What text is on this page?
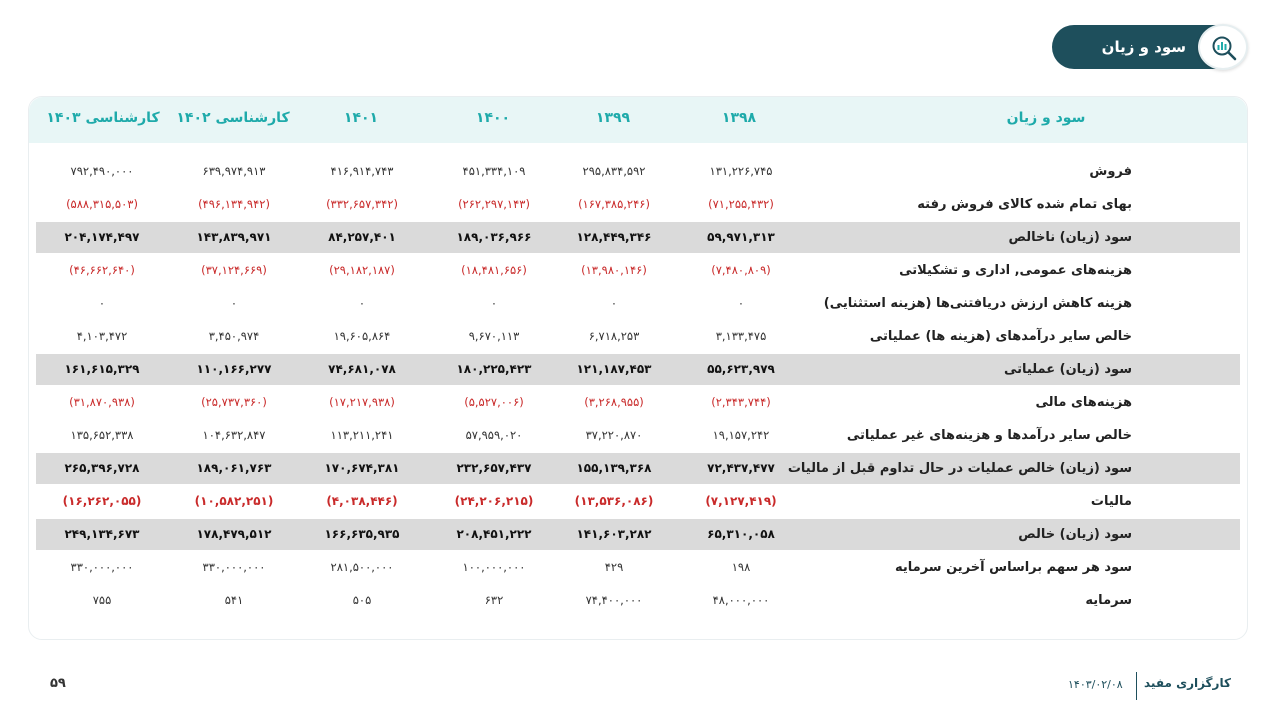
سود و زیان
سود و زیان
۱۳۹۸
۱۳۹۹
۱۴۰۰
۱۴۰۱
کارشناسی ۱۴۰۲
کارشناسی ۱۴۰۳
فروش
۱۳۱,۲۲۶,۷۴۵
۲۹۵,۸۳۴,۵۹۲
۴۵۱,۳۳۴,۱۰۹
۴۱۶,۹۱۴,۷۴۳
۶۳۹,۹۷۴,۹۱۳
۷۹۲,۴۹۰,۰۰۰
بهای تمام شده کالای فروش رفته
(۷۱,۲۵۵,۴۳۲)
(۱۶۷,۳۸۵,۲۴۶)
(۲۶۲,۲۹۷,۱۴۳)
(۳۳۲,۶۵۷,۳۴۲)
(۴۹۶,۱۳۴,۹۴۲)
(۵۸۸,۳۱۵,۵۰۳)
سود (زیان) ناخالص
۵۹,۹۷۱,۳۱۳
۱۲۸,۴۴۹,۳۴۶
۱۸۹,۰۳۶,۹۶۶
۸۴,۲۵۷,۴۰۱
۱۴۳,۸۳۹,۹۷۱
۲۰۴,۱۷۴,۴۹۷
هزینه‌های عمومی, اداری و تشکیلاتی
(۷,۴۸۰,۸۰۹)
(۱۳,۹۸۰,۱۴۶)
(۱۸,۴۸۱,۶۵۶)
(۲۹,۱۸۲,۱۸۷)
(۳۷,۱۲۴,۶۶۹)
(۴۶,۶۶۲,۶۴۰)
هزینه کاهش ارزش دریافتنی‌ها (هزینه استثنایی)
۰
۰
۰
۰
۰
۰
خالص سایر درآمدهای (هزینه ها) عملیاتی
۳,۱۳۳,۴۷۵
۶,۷۱۸,۲۵۳
۹,۶۷۰,۱۱۳
۱۹,۶۰۵,۸۶۴
۳,۴۵۰,۹۷۴
۴,۱۰۳,۴۷۲
سود (زیان) عملیاتی
۵۵,۶۲۳,۹۷۹
۱۲۱,۱۸۷,۴۵۳
۱۸۰,۲۲۵,۴۲۳
۷۴,۶۸۱,۰۷۸
۱۱۰,۱۶۶,۲۷۷
۱۶۱,۶۱۵,۳۲۹
هزینه‌های مالی
(۲,۳۴۳,۷۴۴)
(۳,۲۶۸,۹۵۵)
(۵,۵۲۷,۰۰۶)
(۱۷,۲۱۷,۹۳۸)
(۲۵,۷۳۷,۳۶۰)
(۳۱,۸۷۰,۹۳۸)
خالص سایر درآمدها و هزینه‌های غیر عملیاتی
۱۹,۱۵۷,۲۴۲
۳۷,۲۲۰,۸۷۰
۵۷,۹۵۹,۰۲۰
۱۱۳,۲۱۱,۲۴۱
۱۰۴,۶۳۲,۸۴۷
۱۳۵,۶۵۲,۳۳۸
سود (زیان) خالص عملیات در حال تداوم قبل از مالیات
۷۲,۴۳۷,۴۷۷
۱۵۵,۱۳۹,۳۶۸
۲۳۲,۶۵۷,۴۳۷
۱۷۰,۶۷۴,۳۸۱
۱۸۹,۰۶۱,۷۶۳
۲۶۵,۳۹۶,۷۲۸
مالیات
(۷,۱۲۷,۴۱۹)
(۱۳,۵۳۶,۰۸۶)
(۲۴,۲۰۶,۲۱۵)
(۴,۰۳۸,۴۴۶)
(۱۰,۵۸۲,۲۵۱)
(۱۶,۲۶۲,۰۵۵)
سود (زیان) خالص
۶۵,۳۱۰,۰۵۸
۱۴۱,۶۰۳,۲۸۲
۲۰۸,۴۵۱,۲۲۲
۱۶۶,۶۳۵,۹۳۵
۱۷۸,۴۷۹,۵۱۲
۲۴۹,۱۳۴,۶۷۳
سود هر سهم براساس آخرین سرمایه
۱۹۸
۴۲۹
۱۰۰,۰۰۰,۰۰۰
۲۸۱,۵۰۰,۰۰۰
۳۳۰,۰۰۰,۰۰۰
۳۳۰,۰۰۰,۰۰۰
سرمایه
۴۸,۰۰۰,۰۰۰
۷۴,۴۰۰,۰۰۰
۶۳۲
۵۰۵
۵۴۱
۷۵۵
۵۹	۱۴۰۳/۰۲/۰۸ کارگزاری مفید
